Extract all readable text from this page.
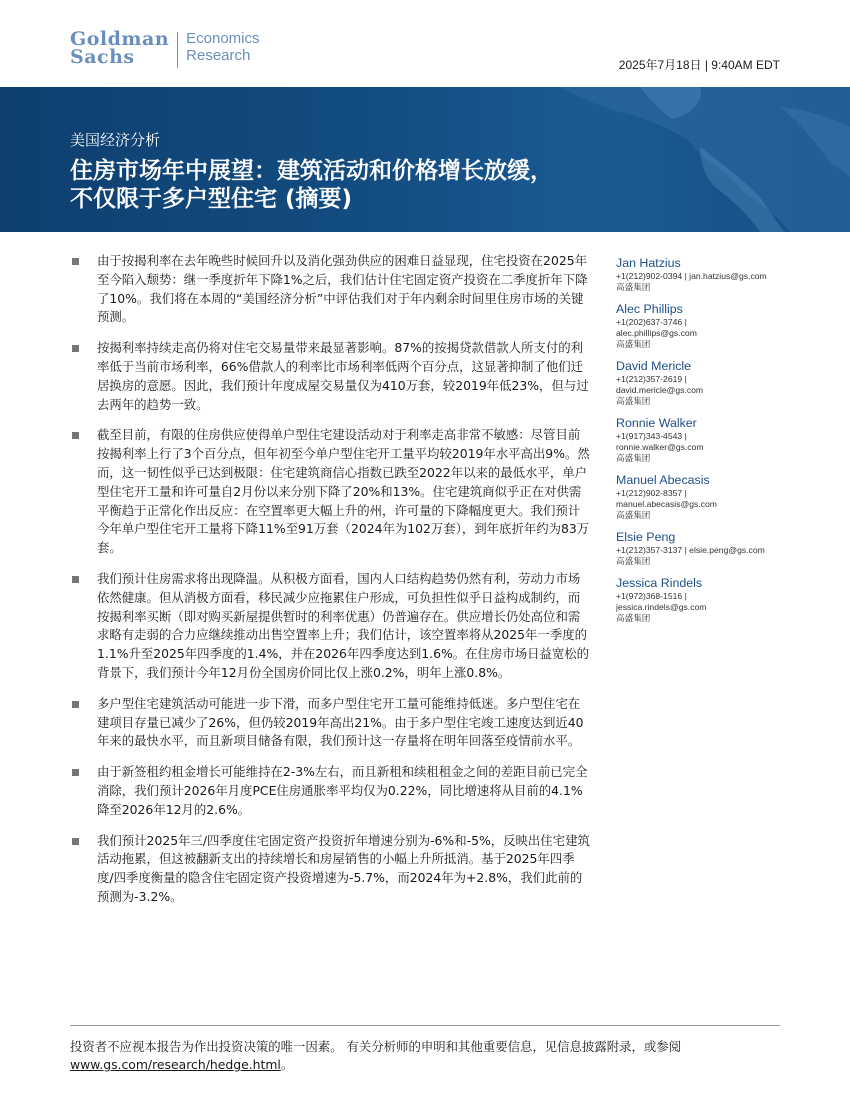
Goldman
Sachs
Economics
Research
2025年7月18日 | 9:40AM EDT
美国经济分析
住房市场年中展望：建筑活动和价格增长放缓，
不仅限于多户型住宅 (摘要)
由于按揭利率在去年晚些时候回升以及消化强劲供应的困难日益显现，住宅投资在2025年至今陷入颓势：继一季度折年下降1%之后，我们估计住宅固定资产投资在二季度折年下降了10%。我们将在本周的“美国经济分析”中评估我们对于年内剩余时间里住房市场的关键预测。
按揭利率持续走高仍将对住宅交易量带来最显著影响。87%的按揭贷款借款人所支付的利率低于当前市场利率，66%借款人的利率比市场利率低两个百分点，这显著抑制了他们迁居换房的意愿。因此，我们预计年度成屋交易量仅为410万套，较2019年低23%，但与过去两年的趋势一致。
截至目前，有限的住房供应使得单户型住宅建设活动对于利率走高非常不敏感：尽管目前按揭利率上行了3个百分点，但年初至今单户型住宅开工量平均较2019年水平高出9%。然而，这一韧性似乎已达到极限：住宅建筑商信心指数已跌至2022年以来的最低水平，单户型住宅开工量和许可量自2月份以来分别下降了20%和13%。住宅建筑商似乎正在对供需平衡趋于正常化作出反应：在空置率更大幅上升的州，许可量的下降幅度更大。我们预计今年单户型住宅开工量将下降11%至91万套（2024年为102万套），到年底折年约为83万套。
我们预计住房需求将出现降温。从积极方面看，国内人口结构趋势仍然有利，劳动力市场依然健康。但从消极方面看，移民减少应拖累住户形成，可负担性似乎日益构成制约，而按揭利率买断（即对购买新屋提供暂时的利率优惠）仍普遍存在。供应增长仍处高位和需求略有走弱的合力应继续推动出售空置率上升；我们估计，该空置率将从2025年一季度的1.1%升至2025年四季度的1.4%，并在2026年四季度达到1.6%。在住房市场日益宽松的背景下，我们预计今年12月份全国房价同比仅上涨0.2%，明年上涨0.8%。
多户型住宅建筑活动可能进一步下滑，而多户型住宅开工量可能维持低迷。多户型住宅在建项目存量已减少了26%，但仍较2019年高出21%。由于多户型住宅竣工速度达到近40年来的最快水平，而且新项目储备有限，我们预计这一存量将在明年回落至疫情前水平。
由于新签租约租金增长可能维持在2-3%左右，而且新租和续租租金之间的差距目前已完全消除，我们预计2026年月度PCE住房通胀率平均仅为0.22%，同比增速将从目前的4.1%降至2026年12月的2.6%。
我们预计2025年三/四季度住宅固定资产投资折年增速分别为-6%和-5%，反映出住宅建筑活动拖累，但这被翻新支出的持续增长和房屋销售的小幅上升所抵消。基于2025年四季度/四季度衡量的隐含住宅固定资产投资增速为-5.7%，而2024年为+2.8%，我们此前的预测为-3.2%。
Jan Hatzius
+1(212)902-0394 | jan.hatzius@gs.com
高盛集团
Alec Phillips
+1(202)637-3746 |
alec.phillips@gs.com
高盛集团
David Mericle
+1(212)357-2619 |
david.mericle@gs.com
高盛集团
Ronnie Walker
+1(917)343-4543 |
ronnie.walker@gs.com
高盛集团
Manuel Abecasis
+1(212)902-8357 |
manuel.abecasis@gs.com
高盛集团
Elsie Peng
+1(212)357-3137 | elsie.peng@gs.com
高盛集团
Jessica Rindels
+1(972)368-1516 |
jessica.rindels@gs.com
高盛集团
投资者不应视本报告为作出投资决策的唯一因素。 有关分析师的申明和其他重要信息，见信息披露附录，或参阅
www.gs.com/research/hedge.html。
